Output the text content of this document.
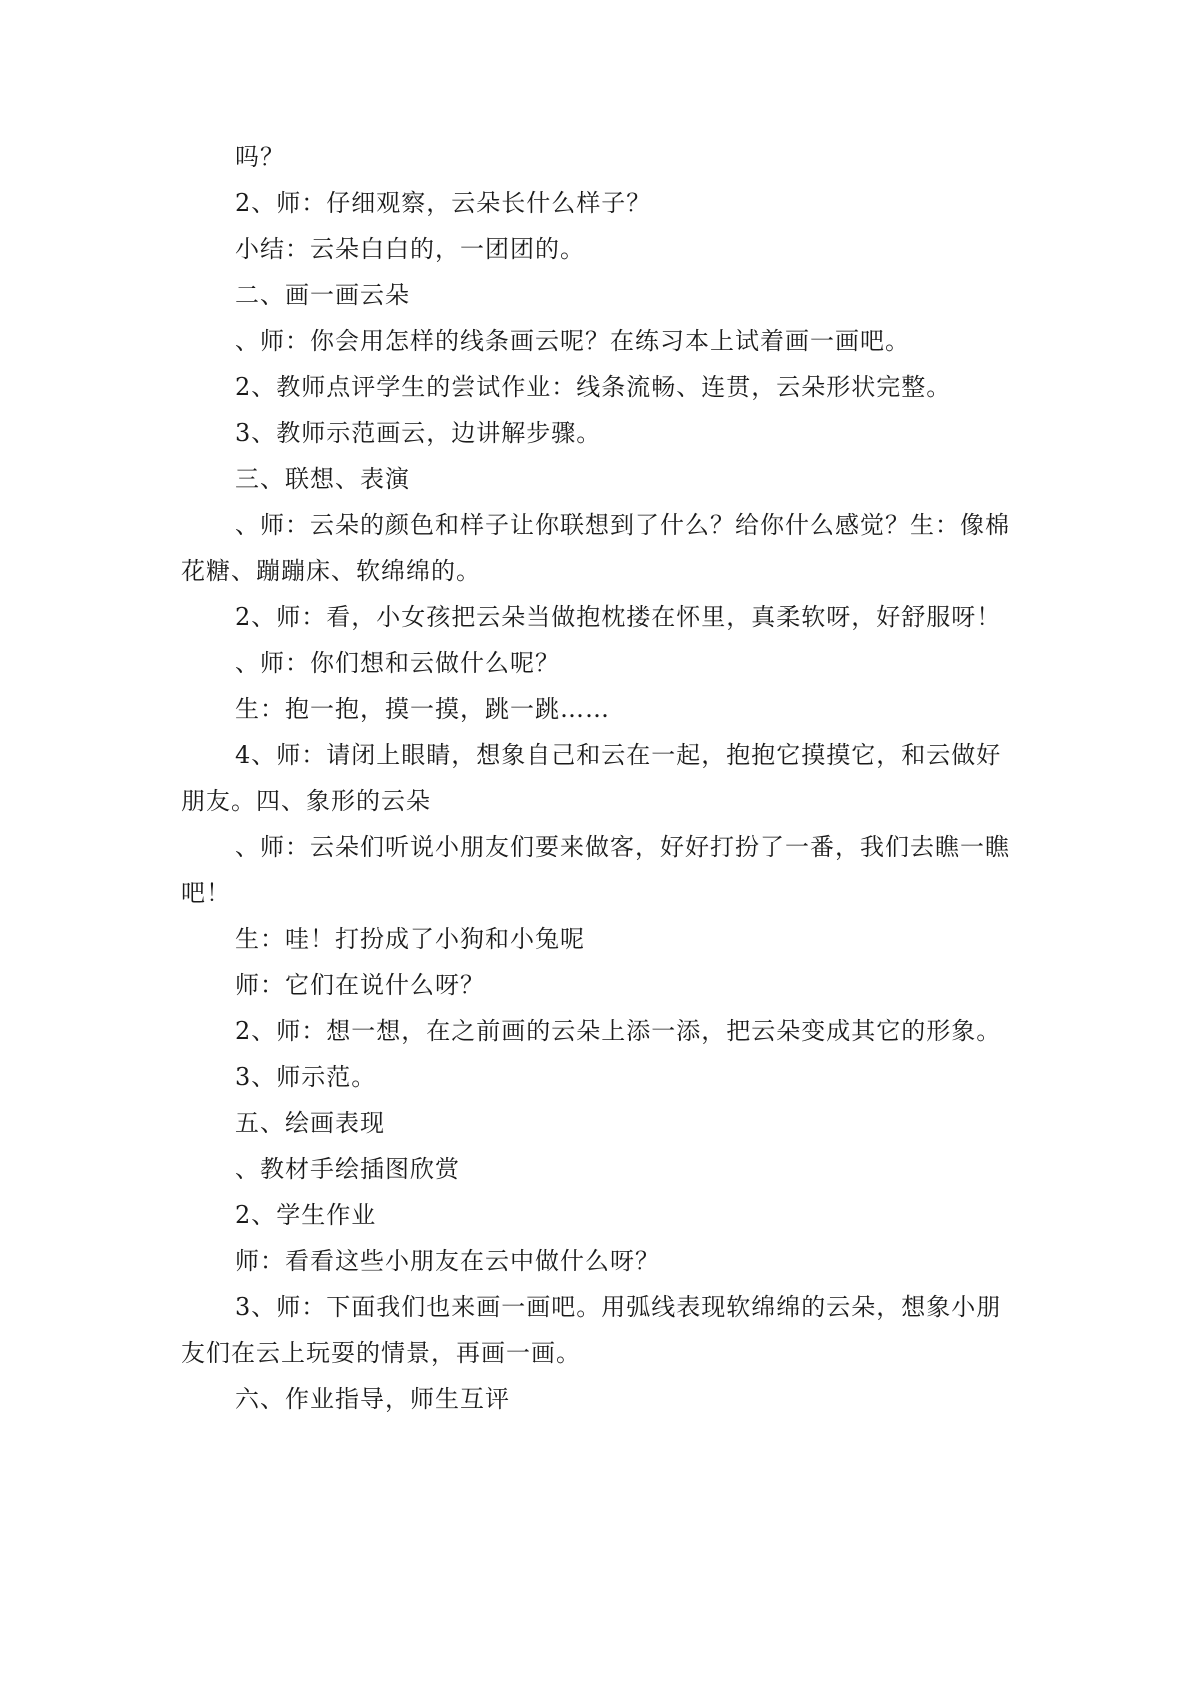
吗？

2、师：仔细观察，云朵长什么样子？

小结：云朵白白的，一团团的。

二、画一画云朵

、师：你会用怎样的线条画云呢？在练习本上试着画一画吧。

2、教师点评学生的尝试作业：线条流畅、连贯，云朵形状完整。

3、教师示范画云，边讲解步骤。

三、联想、表演

、师：云朵的颜色和样子让你联想到了什么？给你什么感觉？生：像棉花糖、蹦蹦床、软绵绵的。

2、师：看，小女孩把云朵当做抱枕搂在怀里，真柔软呀，好舒服呀！

、师：你们想和云做什么呢？

生：抱一抱，摸一摸，跳一跳……

4、师：请闭上眼睛，想象自己和云在一起，抱抱它摸摸它，和云做好朋友。四、象形的云朵

、师：云朵们听说小朋友们要来做客，好好打扮了一番，我们去瞧一瞧吧！

生：哇！打扮成了小狗和小兔呢

师：它们在说什么呀？

2、师：想一想，在之前画的云朵上添一添，把云朵变成其它的形象。

3、师示范。

五、绘画表现

、教材手绘插图欣赏

2、学生作业

师：看看这些小朋友在云中做什么呀？

3、师：下面我们也来画一画吧。用弧线表现软绵绵的云朵，想象小朋友们在云上玩耍的情景，再画一画。

六、作业指导，师生互评
